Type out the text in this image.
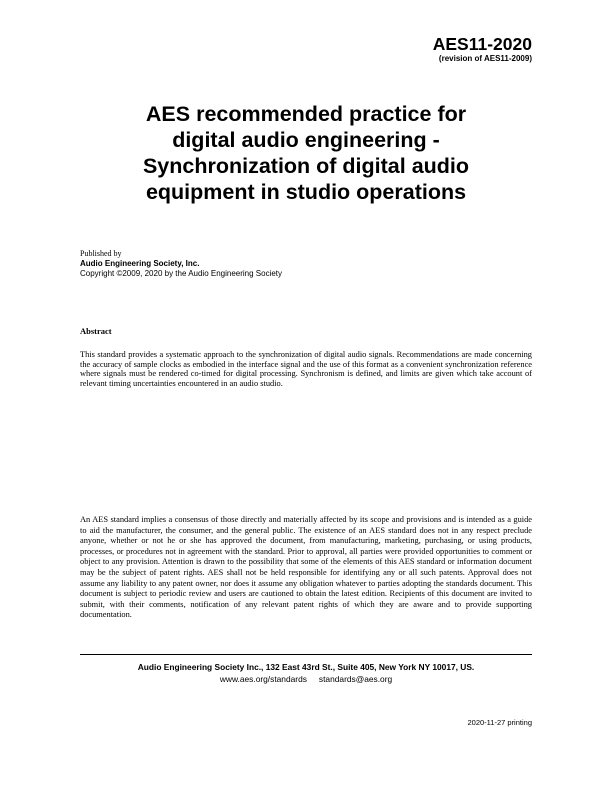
AES11-2020
(revision of AES11-2009)
AES recommended practice for
digital audio engineering -
Synchronization of digital audio
equipment in studio operations
Published by
Audio Engineering Society, Inc.
Copyright ©2009, 2020 by the Audio Engineering Society
Abstract

This standard provides a systematic approach to the synchronization of digital audio signals. Recommendations are made concerning the accuracy of sample clocks as embodied in the interface signal and the use of this format as a convenient synchronization reference where signals must be rendered co-timed for digital processing. Synchronism is defined, and limits are given which take account of relevant timing uncertainties encountered in an audio studio.

An AES standard implies a consensus of those directly and materially affected by its scope and provisions and is intended as a guide to aid the manufacturer, the consumer, and the general public. The existence of an AES standard does not in any respect preclude anyone, whether or not he or she has approved the document, from manufacturing, marketing, purchasing, or using products, processes, or procedures not in agreement with the standard. Prior to approval, all parties were provided opportunities to comment or object to any provision. Attention is drawn to the possibility that some of the elements of this AES standard or information document may be the subject of patent rights. AES shall not be held responsible for identifying any or all such patents. Approval does not assume any liability to any patent owner, nor does it assume any obligation whatever to parties adopting the standards document. This document is subject to periodic review and users are cautioned to obtain the latest edition. Recipients of this document are invited to submit, with their comments, notification of any relevant patent rights of which they are aware and to provide supporting documentation.

Audio Engineering Society Inc., 132 East 43rd St., Suite 405, New York NY 10017, US.

www.aes.org/standards standards@aes.org

2020-11-27 printing
